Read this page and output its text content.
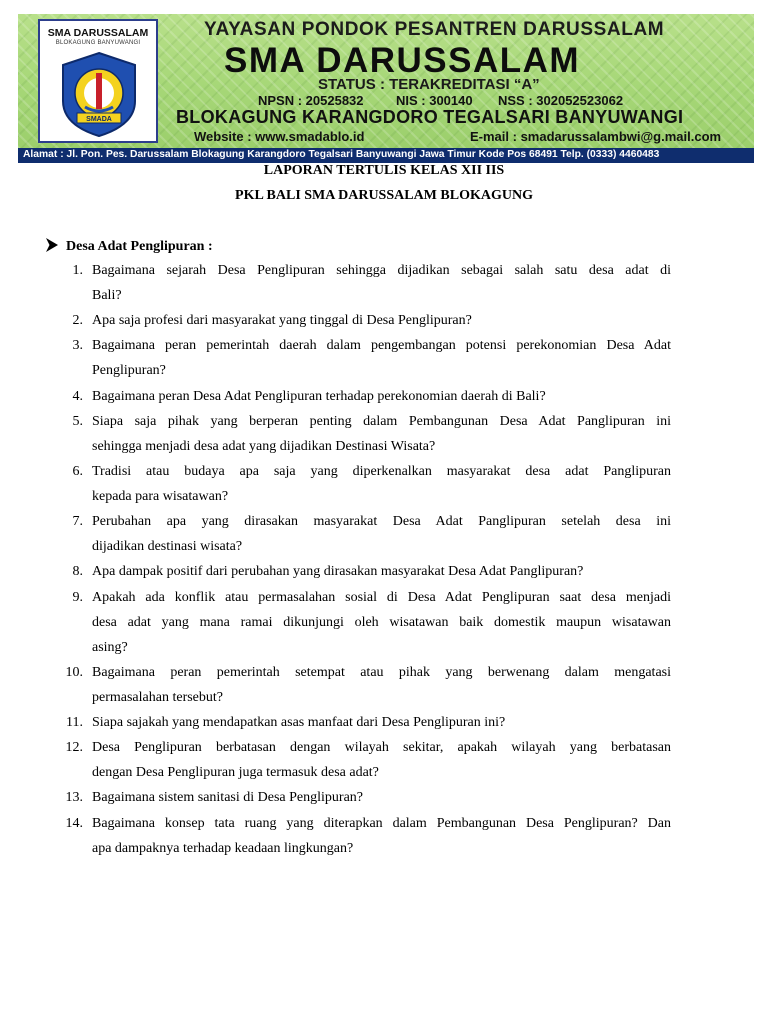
SMA DARUSSALAM
BLOKAGUNG BANYUWANGI
SMADA
YAYASAN PONDOK PESANTREN DARUSSALAM
SMA DARUSSALAM
STATUS : TERAKREDITASI “A”
NPSN : 20525832 NIS : 300140 NSS : 302052523062
BLOKAGUNG KARANGDORO TEGALSARI BANYUWANGI
Website : www.smadablo.id	E-mail : smadarussalambwi@g.mail.com
Alamat : Jl. Pon. Pes. Darussalam Blokagung Karangdoro Tegalsari Banyuwangi Jawa Timur Kode Pos 68491 Telp. (0333) 4460483
LAPORAN TERTULIS KELAS XII IIS
PKL BALI SMA DARUSSALAM BLOKAGUNG
Desa Adat Penglipuran :
1. Bagaimana sejarah Desa Penglipuran sehingga dijadikan sebagai salah satu desa adat di
Bali?
2. Apa saja profesi dari masyarakat yang tinggal di Desa Penglipuran?
3. Bagaimana peran pemerintah daerah dalam pengembangan potensi perekonomian Desa Adat
Penglipuran?
4. Bagaimana peran Desa Adat Penglipuran terhadap perekonomian daerah di Bali?
5. Siapa saja pihak yang berperan penting dalam Pembangunan Desa Adat Panglipuran ini
sehingga menjadi desa adat yang dijadikan Destinasi Wisata?
6. Tradisi atau budaya apa saja yang diperkenalkan masyarakat desa adat Panglipuran
kepada para wisatawan?
7. Perubahan apa yang dirasakan masyarakat Desa Adat Panglipuran setelah desa ini
dijadikan destinasi wisata?
8. Apa dampak positif dari perubahan yang dirasakan masyarakat Desa Adat Panglipuran?
9. Apakah ada konflik atau permasalahan sosial di Desa Adat Penglipuran saat desa menjadi
desa adat yang mana ramai dikunjungi oleh wisatawan baik domestik maupun wisatawan
asing?
10. Bagaimana peran pemerintah setempat atau pihak yang berwenang dalam mengatasi
permasalahan tersebut?
11. Siapa sajakah yang mendapatkan asas manfaat dari Desa Penglipuran ini?
12. Desa Penglipuran berbatasan dengan wilayah sekitar, apakah wilayah yang berbatasan
dengan Desa Penglipuran juga termasuk desa adat?
13. Bagaimana sistem sanitasi di Desa Penglipuran?
14. Bagaimana konsep tata ruang yang diterapkan dalam Pembangunan Desa Penglipuran? Dan
apa dampaknya terhadap keadaan lingkungan?
